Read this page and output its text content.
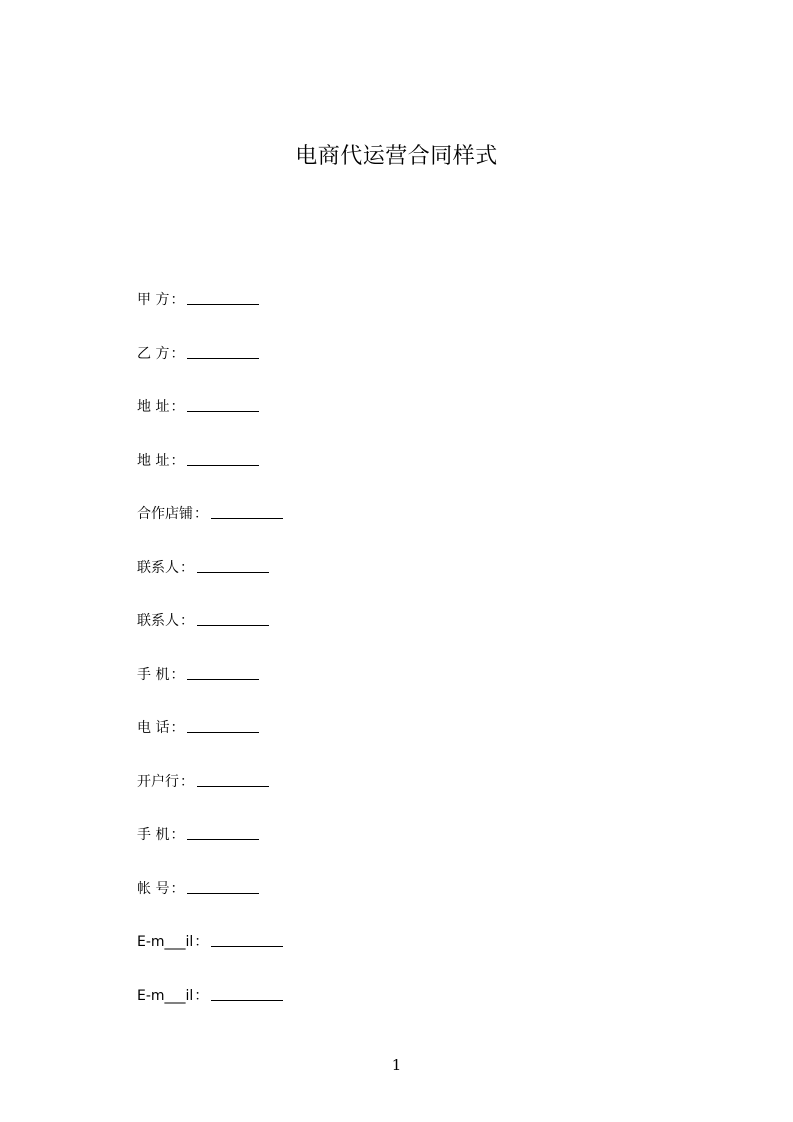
电商代运营合同样式
甲 方 ：
乙 方 ：
地 址 ：
地 址 ：
合作店铺 ：
联系人 ：
联系人 ：
手 机 ：
电 话 ：
开户行 ：
手 机 ：
帐 号 ：
E-m___il ：
E-m___il ：
1
